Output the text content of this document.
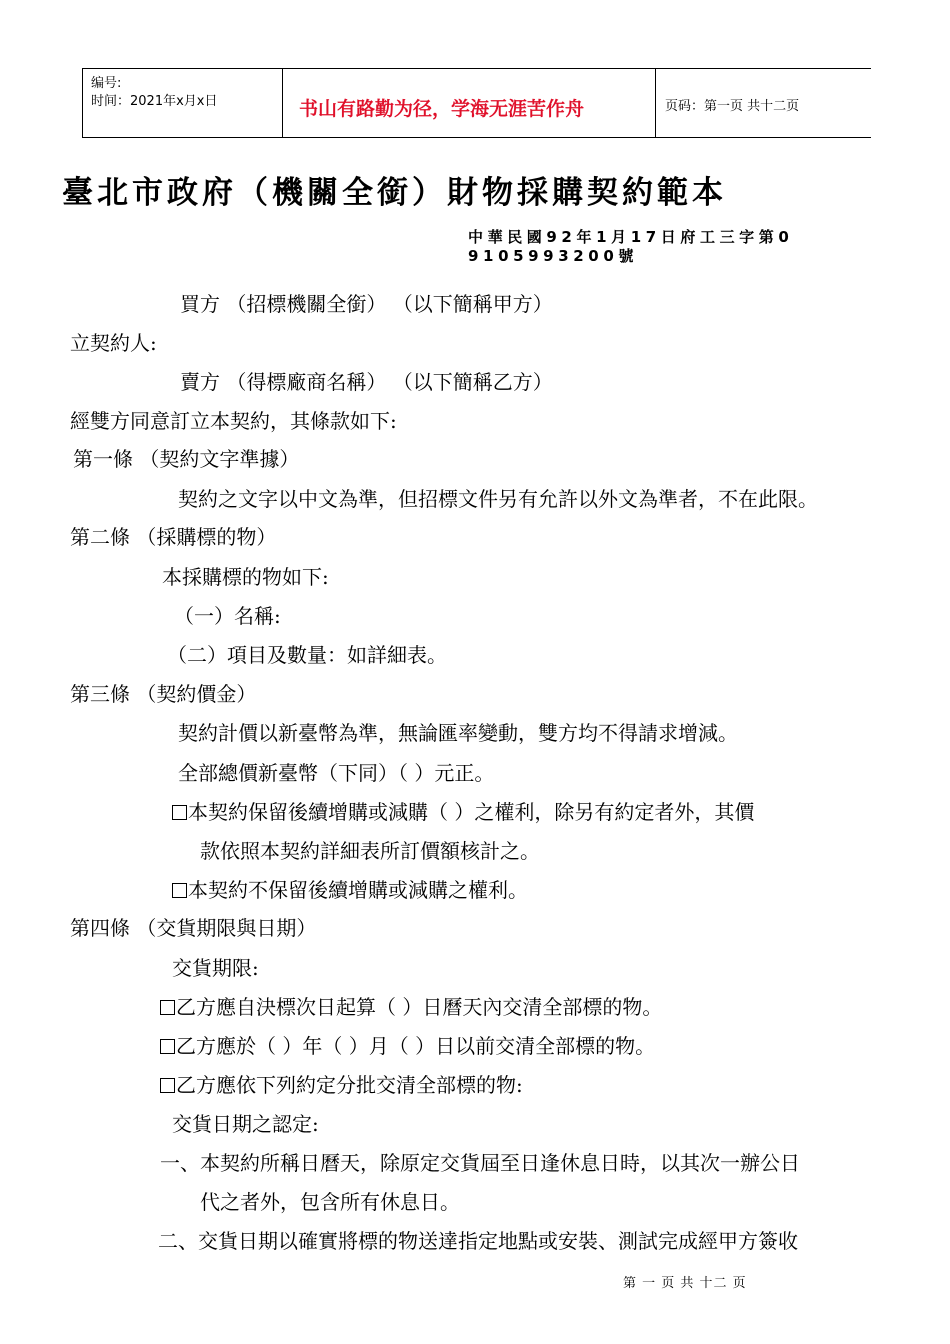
编号:
时间：2021年x月x日	书山有路勤为径，学海无涯苦作舟	页码：第一页 共十二页
臺北市政府（機關全銜）財物採購契約範本
中華民國92年1月17日府工三字第0
9105993200號
買方 （招標機關全銜） （以下簡稱甲方）
立契約人:
賣方 （得標廠商名稱） （以下簡稱乙方）
經雙方同意訂立本契約，其條款如下:
第一條 （契約文字準據）
契約之文字以中文為準，但招標文件另有允許以外文為準者，不在此限。
第二條 （採購標的物）
本採購標的物如下:
（一）名稱:
（二）項目及數量：如詳細表。
第三條 （契約價金）
契約計價以新臺幣為準，無論匯率變動，雙方均不得請求增減。
全部總價新臺幣（下同）（ ）元正。
本契約保留後續增購或減購（ ）之權利，除另有約定者外，其價
款依照本契約詳細表所訂價額核計之。
本契約不保留後續增購或減購之權利。
第四條 （交貨期限與日期）
交貨期限:
乙方應自決標次日起算（ ）日曆天內交清全部標的物。
乙方應於（ ）年（ ）月（ ）日以前交清全部標的物。
乙方應依下列約定分批交清全部標的物:
交貨日期之認定:
一、本契約所稱日曆天，除原定交貨屆至日逢休息日時，以其次一辦公日
代之者外，包含所有休息日。
二、交貨日期以確實將標的物送達指定地點或安裝、測試完成經甲方簽收
第 一 页 共 十二 页
